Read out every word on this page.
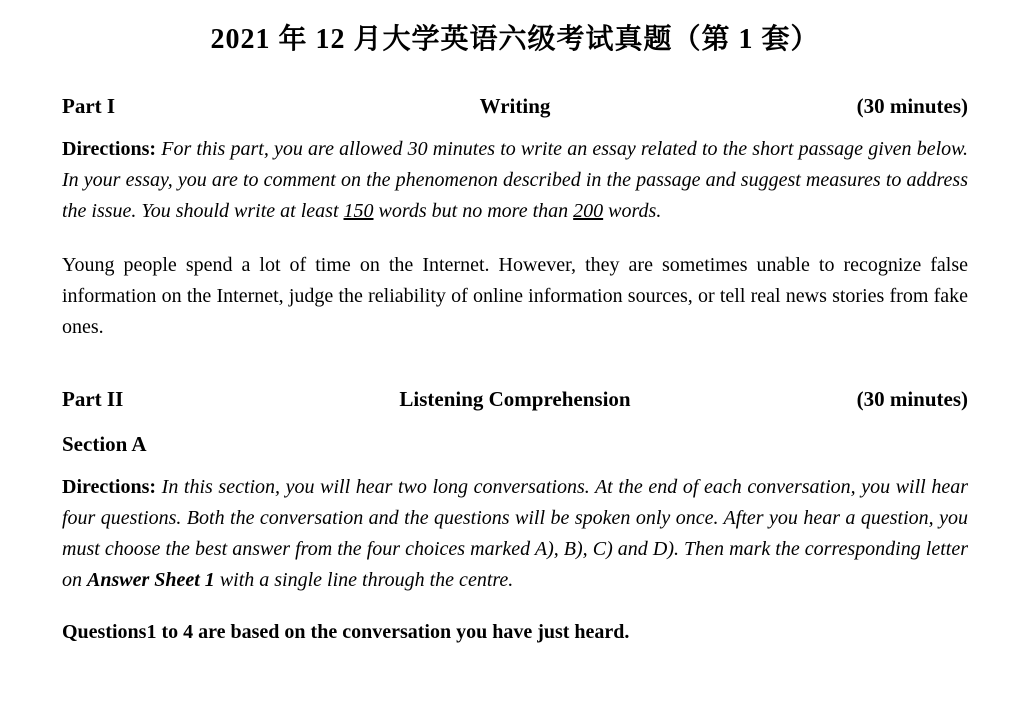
2021 年 12 月大学英语六级考试真题（第 1 套）
Part I	Writing	(30 minutes)

Directions: For this part, you are allowed 30 minutes to write an essay related to the short passage given below. In your essay, you are to comment on the phenomenon described in the passage and suggest measures to address the issue. You should write at least 150 words but no more than 200 words.

Young people spend a lot of time on the Internet. However, they are sometimes unable to recognize false information on the Internet, judge the reliability of online information sources, or tell real news stories from fake ones.

Part II	Listening Comprehension	(30 minutes)
Section A

Directions: In this section, you will hear two long conversations. At the end of each conversation, you will hear four questions. Both the conversation and the questions will be spoken only once. After you hear a question, you must choose the best answer from the four choices marked A), B), C) and D). Then mark the corresponding letter on Answer Sheet 1 with a single line through the centre.

Questions1 to 4 are based on the conversation you have just heard.
